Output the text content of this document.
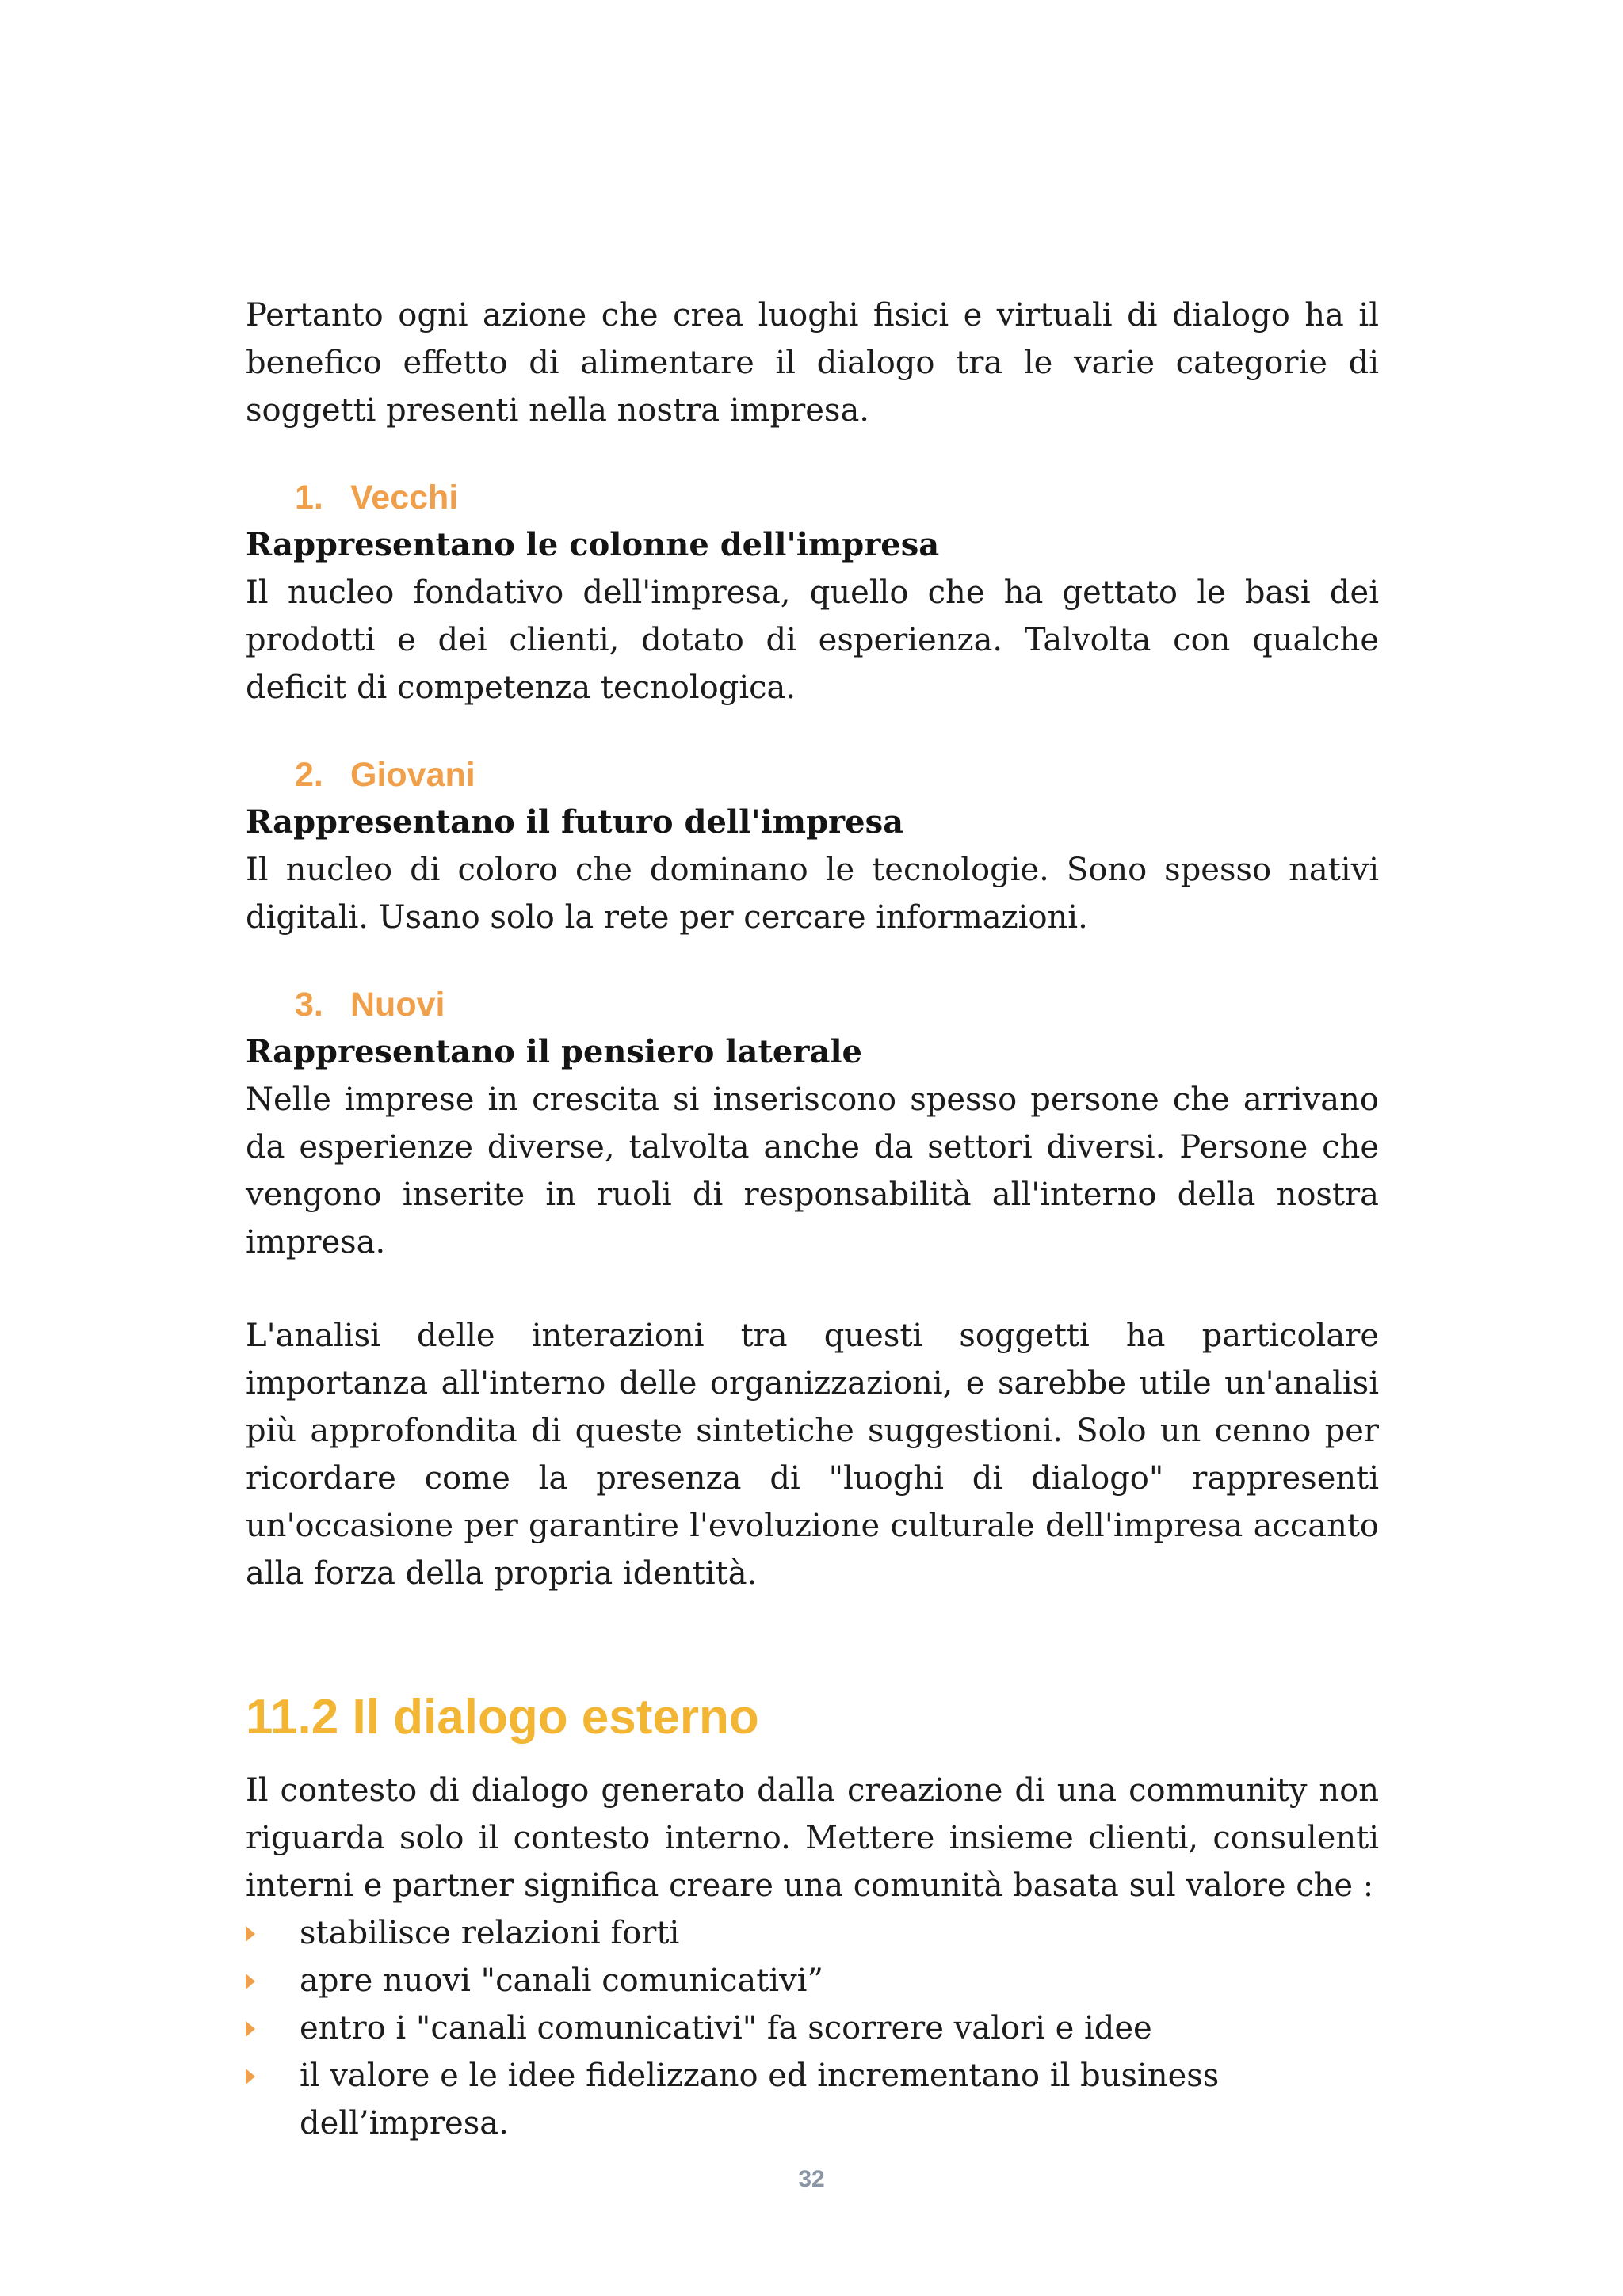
Pertanto ogni azione che crea luoghi fisici e virtuali di dialogo ha il benefico effetto di alimentare il dialogo tra le varie categorie di soggetti presenti nella nostra impresa.

1. Vecchi

Rappresentano le colonne dell'impresa

Il nucleo fondativo dell'impresa, quello che ha gettato le basi dei prodotti e dei clienti, dotato di esperienza. Talvolta con qualche deficit di competenza tecnologica.

2. Giovani

Rappresentano il futuro dell'impresa

Il nucleo di coloro che dominano le tecnologie. Sono spesso nativi digitali. Usano solo la rete per cercare informazioni.

3. Nuovi

Rappresentano il pensiero laterale

Nelle imprese in crescita si inseriscono spesso persone che arrivano da esperienze diverse, talvolta anche da settori diversi. Persone che vengono inserite in ruoli di responsabilità all'interno della nostra impresa.

L'analisi delle interazioni tra questi soggetti ha particolare importanza all'interno delle organizzazioni, e sarebbe utile un'analisi più approfondita di queste sintetiche suggestioni. Solo un cenno per ricordare come la presenza di "luoghi di dialogo" rappresenti un'occasione per garantire l'evoluzione culturale dell'impresa accanto alla forza della propria identità.

11.2 Il dialogo esterno

Il contesto di dialogo generato dalla creazione di una community non riguarda solo il contesto interno. Mettere insieme clienti, consulenti interni e partner significa creare una comunità basata sul valore che :

stabilisce relazioni forti
apre nuovi "canali comunicativi”
entro i "canali comunicativi" fa scorrere valori e idee
il valore e le idee fidelizzano ed incrementano il business dell’impresa.
32
